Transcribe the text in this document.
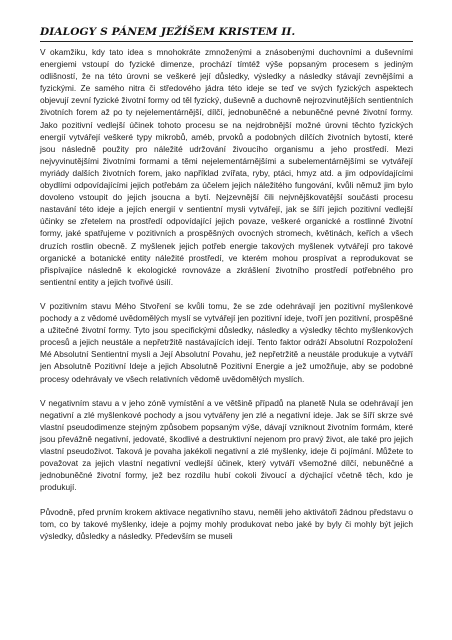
DIALOGY S PÁNEM JEŽÍŠEM KRISTEM II.

V okamžiku, kdy tato idea s mnohokráte zmnoženými a znásobenými duchovními a duševními energiemi vstoupí do fyzické dimenze, prochází tímtéž výše popsaným procesem s jediným odlišností, že na této úrovni se veškeré její důsledky, výsledky a následky stávají zevnějšími a fyzickými. Ze samého nitra či středového jádra této ideje se teď ve svých fyzických aspektech objevují zevní fyzické životní formy od těl fyzický, duševně a duchovně nejrozvinutějších sentientních životních forem až po ty nejelementárnější, dílčí, jednobuněčné a nebuněčné pevné životní formy. Jako pozitivní vedlejší účinek tohoto procesu se na nejdrobnější možné úrovni těchto fyzických energií vytvářejí veškeré typy mikrobů, améb, prvoků a podobných dílčích životních bytostí, které jsou následně použity pro náležité udržování živoucího organismu a jeho prostředí. Mezi nejvyvinutějšími životními formami a těmi nejelementárnějšími a subelementárnějšími se vytvářejí myriády dalších životních forem, jako například zvířata, ryby, ptáci, hmyz atd. a jim odpovídajícími obydlími odpovídajícími jejich potřebám za účelem jejich náležitého fungování, kvůli němuž jim bylo dovoleno vstoupit do jejich jsoucna a bytí. Nejzevnější čili nejvnějškovatější součásti procesu nastavání této ideje a jejích energií v sentientní mysli vytvářejí, jak se šíří jejich pozitivní vedlejší účinky se zřetelem na prostředí odpovídající jejich povaze, veškeré organické a rostlinné životní formy, jaké spatřujeme v pozitivních a prospěšných ovocných stromech, květinách, keřích a všech druzích rostlin obecně. Z myšlenek jejich potřeb energie takových myšlenek vytvářejí pro takové organické a botanické entity náležité prostředí, ve kterém mohou prospívat a reprodukovat se přispívajíce následně k ekologické rovnováze a zkrášlení životního prostředí potřebného pro sentientní entity a jejich tvořivé úsilí.

V pozitivním stavu Mého Stvoření se kvůli tomu, že se zde odehrávají jen pozitivní myšlenkové pochody a z vědomé uvědomělých myslí se vytvářejí jen pozitivní ideje, tvoří jen pozitivní, prospěšné a užitečné životní formy. Tyto jsou specifickými důsledky, následky a výsledky těchto myšlenkových procesů a jejich neustále a nepřetržitě nastávajících idejí. Tento faktor odráží Absolutní Rozpoložení Mé Absolutní Sentientní mysli a Její Absolutní Povahu, jež nepřetržitě a neustále produkuje a vytváří jen Absolutně Pozitivní Ideje a jejich Absolutně Pozitivní Energie a jež umožňuje, aby se podobné procesy odehrávaly ve všech relativních vědomě uvědomělých myslích.

V negativním stavu a v jeho zóně vymístění a ve většině případů na planetě Nula se odehrávají jen negativní a zlé myšlenkové pochody a jsou vytvářeny jen zlé a negativní ideje. Jak se šíří skrze své vlastní pseudodimenze stejným způsobem popsaným výše, dávají vzniknout životním formám, které jsou převážně negativní, jedovaté, škodlivé a destruktivní nejenom pro pravý život, ale také pro jejich vlastní pseudoživot. Taková je povaha jakékoli negativní a zlé myšlenky, ideje či pojímání. Můžete to považovat za jejich vlastní negativní vedlejší účinek, který vytváří všemožné dílčí, nebuněčné a jednobuněčné životní formy, jež bez rozdílu hubí cokoli živoucí a dýchající včetně těch, kdo je produkují.

Původně, před prvním krokem aktivace negativního stavu, neměli jeho aktivátoři žádnou představu o tom, co by takové myšlenky, ideje a pojmy mohly produkovat nebo jaké by byly či mohly být jejich výsledky, důsledky a následky. Především se museli
